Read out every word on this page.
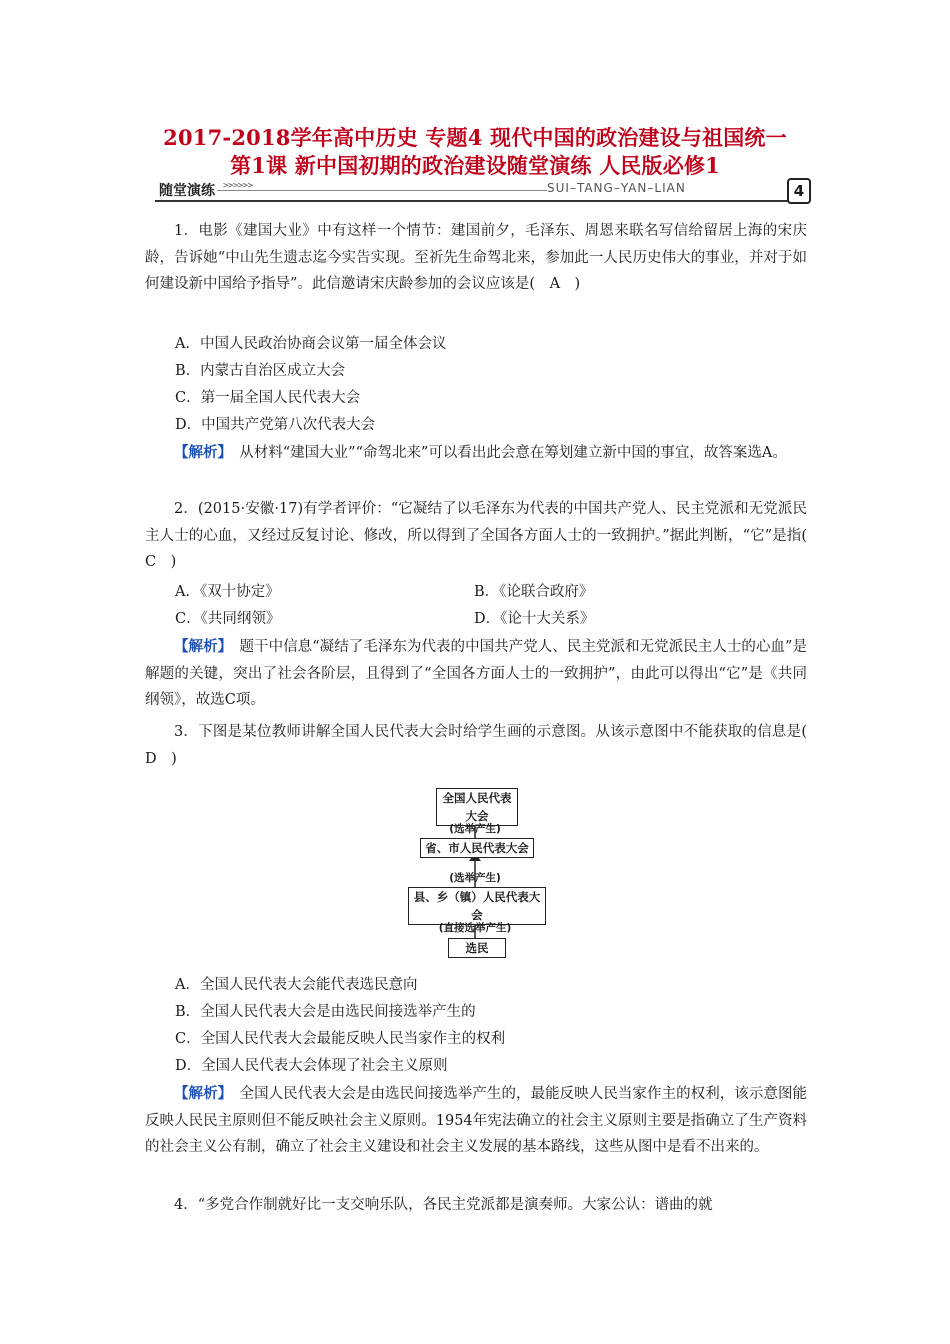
2017-2018学年高中历史 专题4 现代中国的政治建设与祖国统一
第1课 新中国初期的政治建设随堂演练 人民版必修1
随堂演练 >>>>>>	SUI–TANG–YAN–LIAN	4
1．电影《建国大业》中有这样一个情节：建国前夕，毛泽东、周恩来联名写信给留居上海的宋庆龄，告诉她“中山先生遗志迄今实告实现。至祈先生命驾北来，参加此一人民历史伟大的事业，并对于如何建设新中国给予指导”。此信邀请宋庆龄参加的会议应该是(　A　)
A．中国人民政治协商会议第一届全体会议
B．内蒙古自治区成立大会
C．第一届全国人民代表大会
D．中国共产党第八次代表大会
【解析】　从材料“建国大业”“命驾北来”可以看出此会意在筹划建立新中国的事宜，故答案选A。
2．(2015·安徽·17)有学者评价：“它凝结了以毛泽东为代表的中国共产党人、民主党派和无党派民主人士的心血，又经过反复讨论、修改，所以得到了全国各方面人士的一致拥护。”据此判断，“它”是指(　C　)
A．《双十协定》	B．《论联合政府》
C．《共同纲领》	D．《论十大关系》
【解析】　题干中信息“凝结了毛泽东为代表的中国共产党人、民主党派和无党派民主人士的心血”是解题的关键，突出了社会各阶层，且得到了“全国各方面人士的一致拥护”，由此可以得出“它”是《共同纲领》，故选C项。
3．下图是某位教师讲解全国人民代表大会时给学生画的示意图。从该示意图中不能获取的信息是(　D　)
全国人民代表大会
(选举产生)
省、市人民代表大会
(选举产生)
县、乡（镇）人民代表大会
(直接选举产生)
选民
A．全国人民代表大会能代表选民意向
B．全国人民代表大会是由选民间接选举产生的
C．全国人民代表大会最能反映人民当家作主的权利
D．全国人民代表大会体现了社会主义原则
【解析】　全国人民代表大会是由选民间接选举产生的，最能反映人民当家作主的权利，该示意图能反映人民民主原则但不能反映社会主义原则。1954年宪法确立的社会主义原则主要是指确立了生产资料的社会主义公有制，确立了社会主义建设和社会主义发展的基本路线，这些从图中是看不出来的。
4．“多党合作制就好比一支交响乐队，各民主党派都是演奏师。大家公认：谱曲的就
